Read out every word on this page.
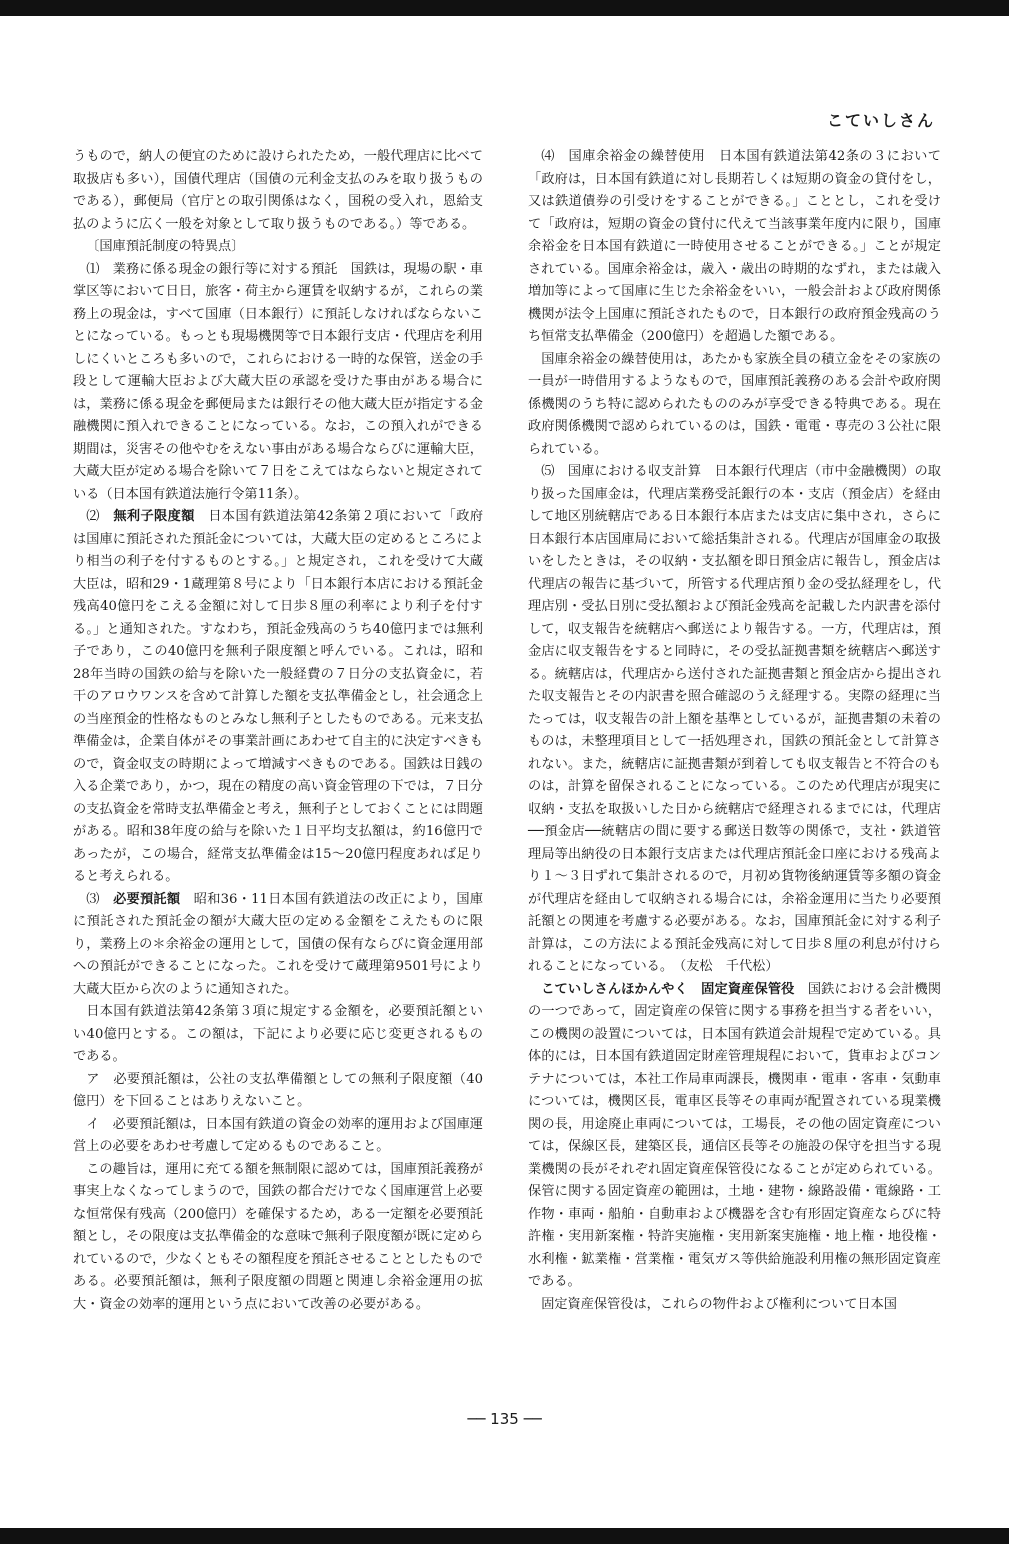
こていしさん

うもので，納人の便宜のために設けられたため，一般代理店に比べて取扱店も多い），国債代理店（国債の元利金支払のみを取り扱うものである），郵便局（官庁との取引関係はなく，国税の受入れ，恩給支払のように広く一般を対象として取り扱うものである。）等である。

〔国庫預託制度の特異点〕

⑴　業務に係る現金の銀行等に対する預託　国鉄は，現場の駅・車掌区等において日日，旅客・荷主から運賃を収納するが，これらの業務上の現金は，すべて国庫（日本銀行）に預託しなければならないことになっている。もっとも現場機関等で日本銀行支店・代理店を利用しにくいところも多いので，これらにおける一時的な保管，送金の手段として運輸大臣および大蔵大臣の承認を受けた事由がある場合には，業務に係る現金を郵便局または銀行その他大蔵大臣が指定する金融機関に預入れできることになっている。なお，この預入れができる期間は，災害その他やむをえない事由がある場合ならびに運輸大臣，大蔵大臣が定める場合を除いて７日をこえてはならないと規定されている（日本国有鉄道法施行令第11条）。

⑵　無利子限度額　日本国有鉄道法第42条第２項において「政府は国庫に預託された預託金については，大蔵大臣の定めるところにより相当の利子を付するものとする。」と規定され，これを受けて大蔵大臣は，昭和29・1蔵理第８号により「日本銀行本店における預託金残高40億円をこえる金額に対して日歩８厘の利率により利子を付する。」と通知された。すなわち，預託金残高のうち40億円までは無利子であり，この40億円を無利子限度額と呼んでいる。これは，昭和28年当時の国鉄の給与を除いた一般経費の７日分の支払資金に，若干のアロウワンスを含めて計算した額を支払準備金とし，社会通念上の当座預金的性格なものとみなし無利子としたものである。元来支払準備金は，企業自体がその事業計画にあわせて自主的に決定すべきもので，資金収支の時期によって増減すべきものである。国鉄は日銭の入る企業であり，かつ，現在の精度の高い資金管理の下では，７日分の支払資金を常時支払準備金と考え，無利子としておくことには問題がある。昭和38年度の給与を除いた１日平均支払額は，約16億円であったが，この場合，経常支払準備金は15〜20億円程度あれば足りると考えられる。

⑶　必要預託額　昭和36・11日本国有鉄道法の改正により，国庫に預託された預託金の額が大蔵大臣の定める金額をこえたものに限り，業務上の＊余裕金の運用として，国債の保有ならびに資金運用部への預託ができることになった。これを受けて蔵理第9501号により大蔵大臣から次のように通知された。

日本国有鉄道法第42条第３項に規定する金額を，必要預託額といい40億円とする。この額は，下記により必要に応じ変更されるものである。

ア　必要預託額は，公社の支払準備額としての無利子限度額（40億円）を下回ることはありえないこと。

イ　必要預託額は，日本国有鉄道の資金の効率的運用および国庫運営上の必要をあわせ考慮して定めるものであること。

この趣旨は，運用に充てる額を無制限に認めては，国庫預託義務が事実上なくなってしまうので，国鉄の都合だけでなく国庫運営上必要な恒常保有残高（200億円）を確保するため，ある一定額を必要預託額とし，その限度は支払準備金的な意味で無利子限度額が既に定められているので，少なくともその額程度を預託させることとしたものである。必要預託額は，無利子限度額の問題と関連し余裕金運用の拡大・資金の効率的運用という点において改善の必要がある。

⑷　国庫余裕金の繰替使用　日本国有鉄道法第42条の３において「政府は，日本国有鉄道に対し長期若しくは短期の資金の貸付をし，又は鉄道債券の引受けをすることができる。」こととし，これを受けて「政府は，短期の資金の貸付に代えて当該事業年度内に限り，国庫余裕金を日本国有鉄道に一時使用させることができる。」ことが規定されている。国庫余裕金は，歳入・歳出の時期的なずれ，または歳入増加等によって国庫に生じた余裕金をいい，一般会計および政府関係機関が法令上国庫に預託されたもので，日本銀行の政府預金残高のうち恒常支払準備金（200億円）を超過した額である。

国庫余裕金の繰替使用は，あたかも家族全員の積立金をその家族の一員が一時借用するようなもので，国庫預託義務のある会計や政府関係機関のうち特に認められたもののみが享受できる特典である。現在政府関係機関で認められているのは，国鉄・電電・専売の３公社に限られている。

⑸　国庫における収支計算　日本銀行代理店（市中金融機関）の取り扱った国庫金は，代理店業務受託銀行の本・支店（預金店）を経由して地区別統轄店である日本銀行本店または支店に集中され，さらに日本銀行本店国庫局において総括集計される。代理店が国庫金の取扱いをしたときは，その収納・支払額を即日預金店に報告し，預金店は代理店の報告に基づいて，所管する代理店預り金の受払経理をし，代理店別・受払日別に受払額および預託金残高を記載した内訳書を添付して，収支報告を統轄店へ郵送により報告する。一方，代理店は，預金店に収支報告をすると同時に，その受払証拠書類を統轄店へ郵送する。統轄店は，代理店から送付された証拠書類と預金店から提出された収支報告とその内訳書を照合確認のうえ経理する。実際の経理に当たっては，収支報告の計上額を基準としているが，証拠書類の未着のものは，未整理項目として一括処理され，国鉄の預託金として計算されない。また，統轄店に証拠書類が到着しても収支報告と不符合のものは，計算を留保されることになっている。このため代理店が現実に収納・支払を取扱いした日から統轄店で経理されるまでには，代理店──預金店──統轄店の間に要する郵送日数等の関係で，支社・鉄道管理局等出納役の日本銀行支店または代理店預託金口座における残高より１〜３日ずれて集計されるので，月初め貨物後納運賃等多額の資金が代理店を経由して収納される場合には，余裕金運用に当たり必要預託額との関連を考慮する必要がある。なお，国庫預託金に対する利子計算は，この方法による預託金残高に対して日歩８厘の利息が付けられることになっている。　 （友松　千代松）

こていしさんほかんやく　固定資産保管役　国鉄における会計機関の一つであって，固定資産の保管に関する事務を担当する者をいい，この機関の設置については，日本国有鉄道会計規程で定めている。具体的には，日本国有鉄道固定財産管理規程において，貨車およびコンテナについては，本社工作局車両課長，機関車・電車・客車・気動車については，機関区長，電車区長等その車両が配置されている現業機関の長，用途廃止車両については，工場長，その他の固定資産については，保線区長，建築区長，通信区長等その施設の保守を担当する現業機関の長がそれぞれ固定資産保管役になることが定められている。保管に関する固定資産の範囲は，土地・建物・線路設備・電線路・工作物・車両・船舶・自動車および機器を含む有形固定資産ならびに特許権・実用新案権・特許実施権・実用新案実施権・地上権・地役権・水利権・鉱業権・営業権・電気ガス等供給施設利用権の無形固定資産である。

固定資産保管役は，これらの物件および権利について日本国

── 135 ──
